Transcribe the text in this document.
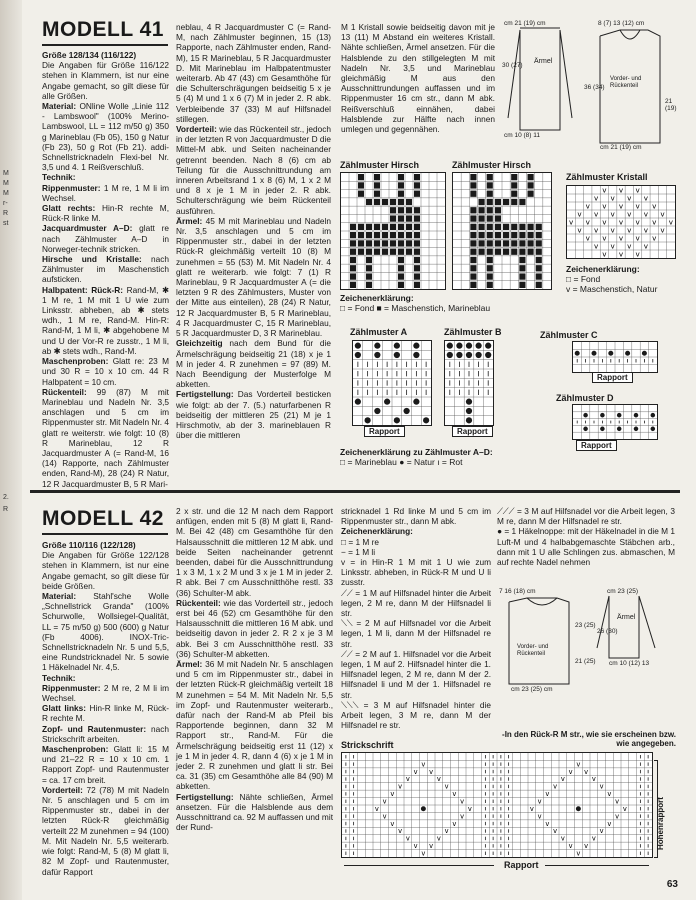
M
M
M
r-
R
st
2.
R
MODELL 41

Größe 128/134 (116/122)

Die Angaben für Größe 116/122 stehen in Klammern, ist nur eine Angabe gemacht, so gilt diese für alle Größen.

Material: ONline Wolle „Linie 112 - Lambswool" (100% Merino-Lambswool, LL = 112 m/50 g) 350 g Marineblau (Fb 05), 150 g Natur (Fb 23), 50 g Rot (Fb 21). addi-Schnellstricknadeln Flexi-bel Nr. 3,5 und 4. 1 Reißverschluß.

Technik:

Rippenmuster: 1 M re, 1 M li im Wechsel.

Glatt rechts: Hin-R rechte M, Rück-R linke M.

Jacquardmuster A–D: glatt re nach Zählmuster A–D in Norweger-technik stricken.

Hirsche und Kristalle: nach Zählmuster im Maschenstich aufsticken.

Halbpatent: Rück-R: Rand-M, ✱ 1 M re, 1 M mit 1 U wie zum Linksstr. abheben, ab ✱ stets wdh., 1 M re, Rand-M. Hin-R: Rand-M, 1 M li, ✱ abgehobene M und U der Vor-R re zusstr., 1 M li, ab ✱ stets wdh., Rand-M.

Maschenproben: Glatt re: 23 M und 30 R = 10 x 10 cm. 44 R Halbpatent = 10 cm.

Rückenteil: 99 (87) M mit Marineblau und Nadeln Nr. 3,5 anschlagen und 5 cm im Rippenmuster str. Mit Nadeln Nr. 4 glatt re weiterstr. wie folgt: 10 (8) R Marineblau, 12 R Jacquardmuster A (= Rand-M, 16 (14) Rapporte, nach Zählmuster enden, Rand-M), 28 (24) R Natur, 12 R Jacquardmuster B, 5 R Mari-

neblau, 4 R Jacquardmuster C (= Rand-M, nach Zählmuster beginnen, 15 (13) Rapporte, nach Zählmuster enden, Rand-M), 15 R Marineblau, 5 R Jacquardmuster D. Mit Marineblau im Halbpatentmuster weiterarb. Ab 47 (43) cm Gesamthöhe für die Schulterschrägungen beidseitig 5 x je 5 (4) M und 1 x 6 (7) M in jeder 2. R abk. Verbleibende 37 (33) M auf Hilfsnadel stillegen.

Vorderteil: wie das Rückenteil str., jedoch in der letzten R von Jacquardmuster D die Mittel-M abk. und Seiten nacheinander getrennt beenden. Nach 8 (6) cm ab Teilung für die Ausschnittrundung am inneren Arbeitsrand 1 x 8 (6) M, 1 x 2 M und 8 x je 1 M in jeder 2. R abk. Schulterschrägung wie beim Rückenteil ausführen.

Ärmel: 45 M mit Marineblau und Nadeln Nr. 3,5 anschlagen und 5 cm im Rippenmuster str., dabei in der letzten Rück-R gleichmäßig verteilt 10 (8) M zunehmen = 55 (53) M. Mit Nadeln Nr. 4 glatt re weiterarb. wie folgt: 7 (1) R Marineblau, 9 R Jacquardmuster A (= die letzten 9 R des Zählmusters, Muster von der Mitte aus einteilen), 28 (24) R Natur, 12 R Jacquardmuster B, 5 R Marineblau, 4 R Jacquardmuster C, 15 R Marineblau, 5 R Jacquardmuster D, 3 R Marineblau.

Gleichzeitig nach dem Bund für die Ärmelschrägung beidseitig 21 (18) x je 1 M in jeder 4. R zunehmen = 97 (89) M. Nach Beendigung der Musterfolge M abketten.

Fertigstellung: Das Vorderteil besticken wie folgt: ab der 7. (5.) naturfarbenen R beidseitig der mittleren 25 (21) M je 1 Hirschmotiv, ab der 3. marineblauen R über die mittleren

M 1 Kristall sowie beidseitig davon mit je 13 (11) M Abstand ein weiteres Kristall. Nähte schließen, Ärmel ansetzen. Für die Halsblende zu den stillgelegten M mit Nadeln Nr. 3,5 und Marineblau gleichmäßig M aus den Ausschnittrundungen auffassen und im Rippenmuster 16 cm str., dann M abk. Reißverschluß einnähen, dabei Halsblende zur Hälfte nach innen umlegen und gegennähen.

cm 21 (19) cm	8 (7) 13 (12) cm
Ärmel
Vorder- und Rückenteil
30 (27)
36 (34)
21 (19)
cm 10 (8) 11
cm 21 (19) cm
Zählmuster Hirsch	Zählmuster Hirsch
Zählmuster Kristall
v v v
v v v v
v v v v v
v v v v v v
v v v v v v v
v v v v v v
v v v v v
v v v v
v v v
Zeichenerklärung:
□ = Fond
v = Maschenstich, Natur
Zeichenerklärung:
□ = Fond ■ = Maschenstich, Marineblau
Zählmuster A	Zählmuster B	Zählmuster C
Zählmuster D
Rapport	Rapport
Rapport
Rapport
Zeichenerklärung zu Zählmuster A–D:
□ = Marineblau ● = Natur ı = Rot
MODELL 42

Größe 110/116 (122/128)

Die Angaben für Größe 122/128 stehen in Klammern, ist nur eine Angabe gemacht, so gilt diese für beide Größen.

Material: Stahl'sche Wolle „Schnellstrick Granda" (100% Schurwolle, Wollsiegel-Qualität, LL = 75 m/50 g) 500 (600) g Natur (Fb 4006). INOX-Tric-Schnellstricknadeln Nr. 5 und 5,5, eine Rundstricknadel Nr. 5 sowie 1 Häkelnadel Nr. 4,5.

Technik:

Rippenmuster: 2 M re, 2 M li im Wechsel.

Glatt links: Hin-R linke M, Rück-R rechte M.

Zopf- und Rautenmuster: nach Strickschrift arbeiten.

Maschenproben: Glatt li: 15 M und 21–22 R = 10 x 10 cm. 1 Rapport Zopf- und Rautenmuster = ca. 17 cm breit.

Vorderteil: 72 (78) M mit Nadeln Nr. 5 anschlagen und 5 cm im Rippenmuster str., dabei in der letzten Rück-R gleichmäßig verteilt 22 M zunehmen = 94 (100) M. Mit Nadeln Nr. 5,5 weiterarb. wie folgt: Rand-M, 5 (8) M glatt li, 82 M Zopf- und Rautenmuster, dafür Rapport

2 x str. und die 12 M nach dem Rapport anfügen, enden mit 5 (8) M glatt li, Rand-M. Bei 42 (48) cm Gesamthöhe für den Halsausschnitt die mittleren 12 M abk. und beide Seiten nacheinander getrennt beenden, dabei für die Ausschnittrundung 1 x 3 M, 1 x 2 M und 3 x je 1 M in jeder 2. R abk. Bei 7 cm Ausschnitthöhe restl. 33 (36) Schulter-M abk.

Rückenteil: wie das Vorderteil str., jedoch erst bei 46 (52) cm Gesamthöhe für den Halsausschnitt die mittleren 16 M abk. und beidseitig davon in jeder 2. R 2 x je 3 M abk. Bei 3 cm Ausschnitthöhe restl. 33 (36) Schulter-M abketten.

Ärmel: 36 M mit Nadeln Nr. 5 anschlagen und 5 cm im Rippenmuster str., dabei in der letzten Rück-R gleichmäßig verteilt 18 M zunehmen = 54 M. Mit Nadeln Nr. 5,5 im Zopf- und Rautenmuster weiterarb., dafür nach der Rand-M ab Pfeil bis Rapportende beginnen, dann 32 M Rapport str., Rand-M. Für die Ärmelschrägung beidseitig erst 11 (12) x je 1 M in jeder 4. R, dann 4 (6) x je 1 M in jeder 2. R zunehmen und glatt li str. Bei ca. 31 (35) cm Gesamthöhe alle 84 (90) M abketten.

Fertigstellung: Nähte schließen, Ärmel ansetzen. Für die Halsblende aus dem Ausschnittrand ca. 92 M auffassen und mit der Rund-

stricknadel 1 Rd linke M und 5 cm im Rippenmuster str., dann M abk.

Zeichenerklärung:

□ = 1 M re

− = 1 M li

v = in Hin-R 1 M mit 1 U wie zum Linksstr. abheben, in Rück-R M und U li zusstr.

⟋⟋ = 1 M auf Hilfsnadel hinter die Arbeit legen, 2 M re, dann M der Hilfsnadel li str.

⟍⟍ = 2 M auf Hilfsnadel vor die Arbeit legen, 1 M li, dann M der Hilfsnadel re str.

⟋⟋ = 2 M auf 1. Hilfsnadel vor die Arbeit legen, 1 M auf 2. Hilfsnadel hinter die 1. Hilfsnadel legen, 2 M re, dann M der 2. Hilfsnadel li und M der 1. Hilfsnadel re str.

⟍⟍⟍ = 3 M auf Hilfsnadel hinter die Arbeit legen, 3 M re, dann M der Hilfsnadel re str.

⟋⟋⟋ = 3 M auf Hilfsnadel vor die Arbeit legen, 3 M re, dann M der Hilfsnadel re str.

● = 1 Häkelnoppe: mit der Häkelnadel in die M 1 Luft-M und 4 halbabgemaschte Stäbchen arb., dann mit 1 U alle Schlingen zus. abmaschen, M auf rechte Nadel nehmen

7 16 (18) cm	cm 23 (25)
Vorder- und Rückenteil
Ärmel
23 (25)
26 (30)
21 (25)
cm 23 (25) cm
cm 10 (12) 13
Strickschrift
-In den Rück-R M str., wie sie erscheinen bzw. wie angegeben.
v	v
v v	v v
v	v	v	v
v	v	v	v
v	v	v	v
v	v	v	v
v	v	v	v
v	v	v	v
v	v	v	v
v	v	v	v
v	v	v	v
v v	v v
v	v
Höhenrapport
Rapport
63
